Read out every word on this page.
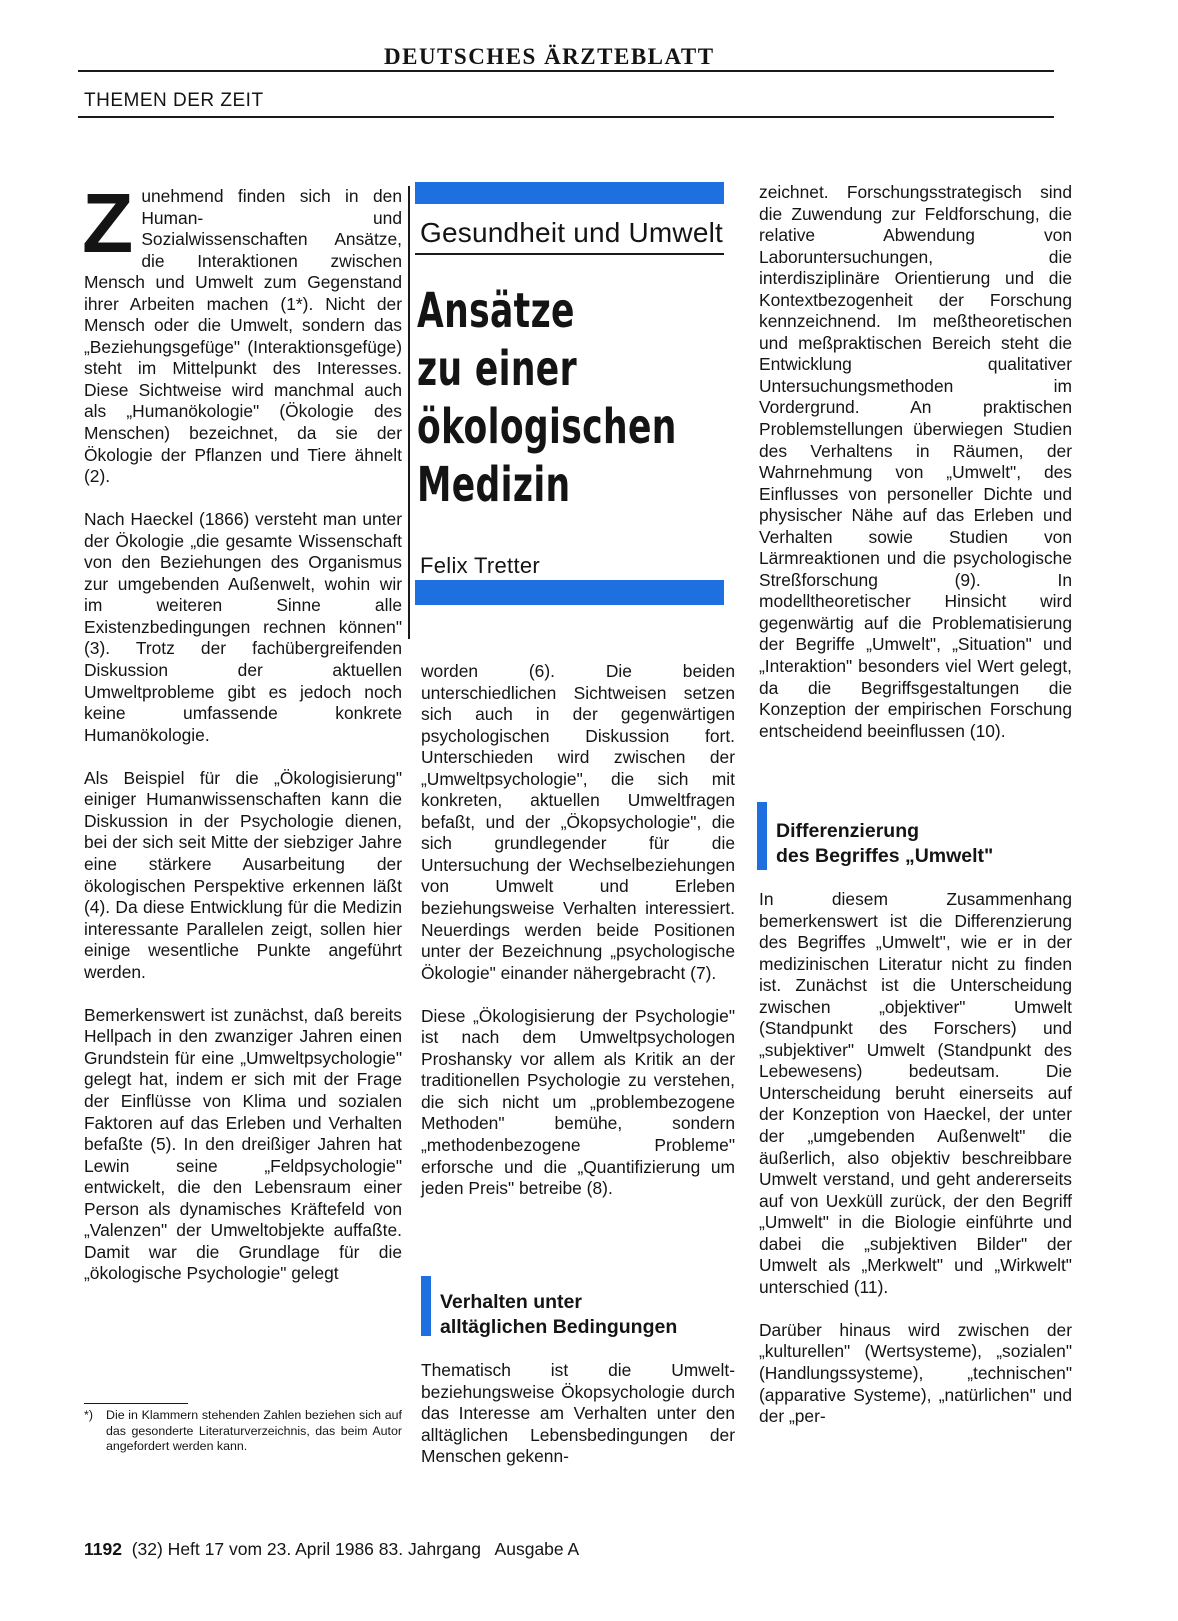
DEUTSCHES ÄRZTEBLATT
THEMEN DER ZEIT

Zunehmend finden sich in den Human- und Sozialwissenschaften Ansätze, die Interaktionen zwischen Mensch und Umwelt zum Gegenstand ihrer Arbeiten machen (1*). Nicht der Mensch oder die Umwelt, sondern das „Beziehungsgefüge" (Interaktionsgefüge) steht im Mittelpunkt des Interesses. Diese Sichtweise wird manchmal auch als „Humanökologie" (Ökologie des Menschen) bezeichnet, da sie der Ökologie der Pflanzen und Tiere ähnelt (2).

Nach Haeckel (1866) versteht man unter der Ökologie „die gesamte Wissenschaft von den Beziehungen des Organismus zur umgebenden Außenwelt, wohin wir im weiteren Sinne alle Existenzbedingungen rechnen können" (3). Trotz der fachübergreifenden Diskussion der aktuellen Umweltprobleme gibt es jedoch noch keine umfassende konkrete Humanökologie.

Als Beispiel für die „Ökologisierung" einiger Humanwissenschaften kann die Diskussion in der Psychologie dienen, bei der sich seit Mitte der siebziger Jahre eine stärkere Ausarbeitung der ökologischen Perspektive erkennen läßt (4). Da diese Entwicklung für die Medizin interessante Parallelen zeigt, sollen hier einige wesentliche Punkte angeführt werden.

Bemerkenswert ist zunächst, daß bereits Hellpach in den zwanziger Jahren einen Grundstein für eine „Umweltpsychologie" gelegt hat, indem er sich mit der Frage der Einflüsse von Klima und sozialen Faktoren auf das Erleben und Verhalten befaßte (5). In den dreißiger Jahren hat Lewin seine „Feldpsychologie" entwickelt, die den Lebensraum einer Person als dynamisches Kräftefeld von „Valenzen" der Umweltobjekte auffaßte. Damit war die Grundlage für die „ökologische Psychologie" gelegt

*)	Die in Klammern stehenden Zahlen beziehen sich auf das gesonderte Literaturverzeichnis, das beim Autor angefordert werden kann.
Gesundheit und Umwelt
Ansätze
zu einer
ökologischen
Medizin
Felix Tretter

worden (6). Die beiden unterschiedlichen Sichtweisen setzen sich auch in der gegenwärtigen psychologischen Diskussion fort. Unterschieden wird zwischen der „Umweltpsychologie", die sich mit konkreten, aktuellen Umweltfragen befaßt, und der „Ökopsychologie", die sich grundlegender für die Untersuchung der Wechselbeziehungen von Umwelt und Erleben beziehungsweise Verhalten interessiert. Neuerdings werden beide Positionen unter der Bezeichnung „psychologische Ökologie" einander nähergebracht (7).

Diese „Ökologisierung der Psychologie" ist nach dem Umweltpsychologen Proshansky vor allem als Kritik an der traditionellen Psychologie zu verstehen, die sich nicht um „problembezogene Methoden" bemühe, sondern „methodenbezogene Probleme" erforsche und die „Quantifizierung um jeden Preis" betreibe (8).

Verhalten unter
alltäglichen Bedingungen

Thematisch ist die Umwelt- beziehungsweise Ökopsychologie durch das Interesse am Verhalten unter den alltäglichen Lebensbedingungen der Menschen gekenn-

zeichnet. Forschungsstrategisch sind die Zuwendung zur Feldforschung, die relative Abwendung von Laboruntersuchungen, die interdisziplinäre Orientierung und die Kontextbezogenheit der Forschung kennzeichnend. Im meßtheoretischen und meßpraktischen Bereich steht die Entwicklung qualitativer Untersuchungsmethoden im Vordergrund. An praktischen Problemstellungen überwiegen Studien des Verhaltens in Räumen, der Wahrnehmung von „Umwelt", des Einflusses von personeller Dichte und physischer Nähe auf das Erleben und Verhalten sowie Studien von Lärmreaktionen und die psychologische Streßforschung (9). In modelltheoretischer Hinsicht wird gegenwärtig auf die Problematisierung der Begriffe „Umwelt", „Situation" und „Interaktion" besonders viel Wert gelegt, da die Begriffsgestaltungen die Konzeption der empirischen Forschung entscheidend beeinflussen (10).

Differenzierung
des Begriffes „Umwelt"

In diesem Zusammenhang bemerkenswert ist die Differenzierung des Begriffes „Umwelt", wie er in der medizinischen Literatur nicht zu finden ist. Zunächst ist die Unterscheidung zwischen „objektiver" Umwelt (Standpunkt des Forschers) und „subjektiver" Umwelt (Standpunkt des Lebewesens) bedeutsam. Die Unterscheidung beruht einerseits auf der Konzeption von Haeckel, der unter der „umgebenden Außenwelt" die äußerlich, also objektiv beschreibbare Umwelt verstand, und geht andererseits auf von Uexküll zurück, der den Begriff „Umwelt" in die Biologie einführte und dabei die „subjektiven Bilder" der Umwelt als „Merkwelt" und „Wirkwelt" unterschied (11).

Darüber hinaus wird zwischen der „kulturellen" (Wertsysteme), „sozialen" (Handlungssysteme), „technischen" (apparative Systeme), „natürlichen" und der „per-

1192  (32) Heft 17 vom 23. April 1986 83. Jahrgang   Ausgabe A
